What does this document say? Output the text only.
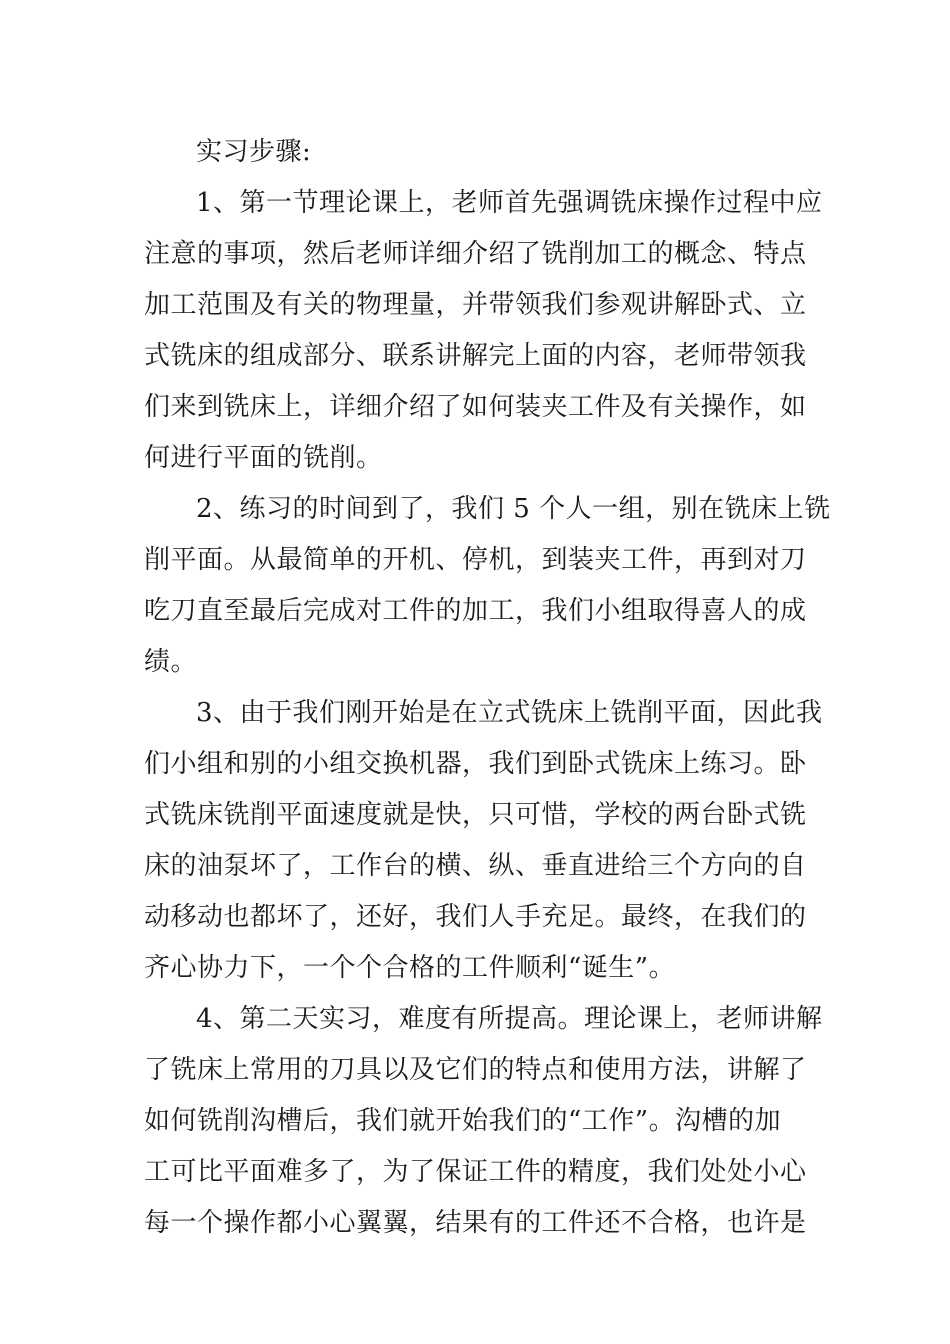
实习步骤:
1、第一节理论课上，老师首先强调铣床操作过程中应
注意的事项，然后老师详细介绍了铣削加工的概念、特点
加工范围及有关的物理量，并带领我们参观讲解卧式、立
式铣床的组成部分、联系讲解完上面的内容，老师带领我
们来到铣床上，详细介绍了如何装夹工件及有关操作，如
何进行平面的铣削。
2、练习的时间到了，我们 5 个人一组，别在铣床上铣
削平面。从最简单的开机、停机，到装夹工件，再到对刀
吃刀直至最后完成对工件的加工，我们小组取得喜人的成
绩。
3、由于我们刚开始是在立式铣床上铣削平面，因此我
们小组和别的小组交换机器，我们到卧式铣床上练习。卧
式铣床铣削平面速度就是快，只可惜，学校的两台卧式铣
床的油泵坏了，工作台的横、纵、垂直进给三个方向的自
动移动也都坏了，还好，我们人手充足。最终，在我们的
齐心协力下，一个个合格的工件顺利“诞生”。
4、第二天实习，难度有所提高。理论课上，老师讲解
了铣床上常用的刀具以及它们的特点和使用方法，讲解了
如何铣削沟槽后，我们就开始我们的“工作”。沟槽的加
工可比平面难多了，为了保证工件的精度，我们处处小心
每一个操作都小心翼翼，结果有的工件还不合格，也许是
